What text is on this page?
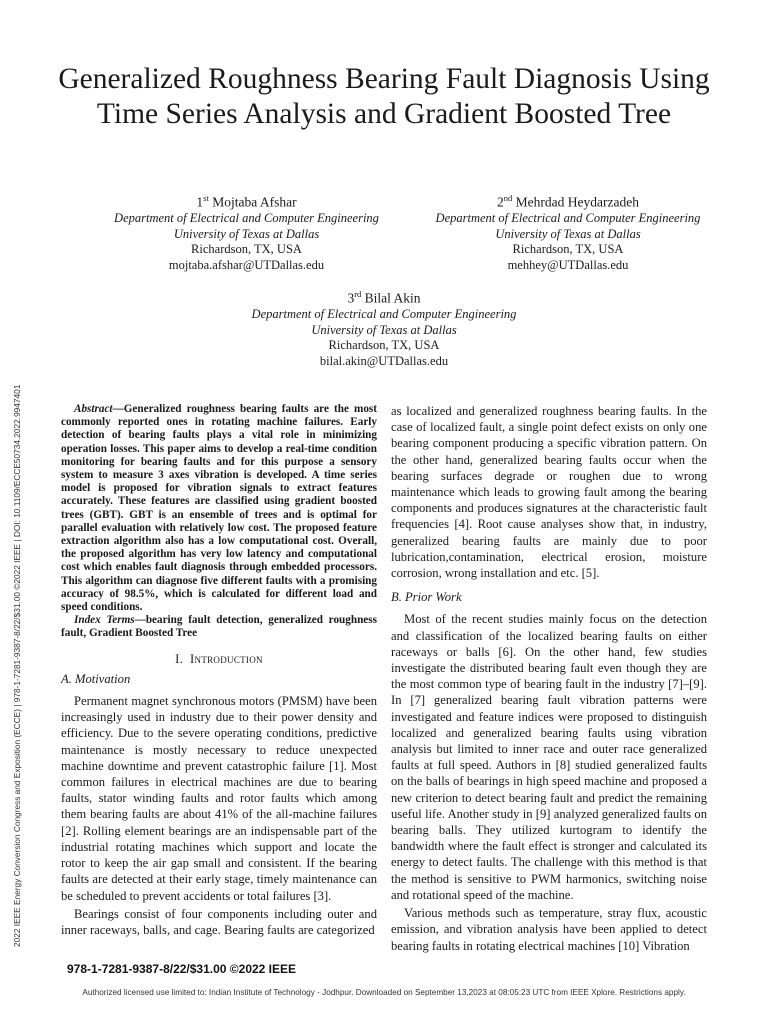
Generalized Roughness Bearing Fault Diagnosis Using Time Series Analysis and Gradient Boosted Tree
1st Mojtaba Afshar
Department of Electrical and Computer Engineering
University of Texas at Dallas
Richardson, TX, USA
mojtaba.afshar@UTDallas.edu
2nd Mehrdad Heydarzadeh
Department of Electrical and Computer Engineering
University of Texas at Dallas
Richardson, TX, USA
mehhey@UTDallas.edu
3rd Bilal Akin
Department of Electrical and Computer Engineering
University of Texas at Dallas
Richardson, TX, USA
bilal.akin@UTDallas.edu
2022 IEEE Energy Conversion Congress and Exposition (ECCE) | 978-1-7281-9387-8/22/$31.00 ©2022 IEEE | DOI: 10.1109/ECCE50734.2022.9947401	Abstract—Generalized roughness bearing faults are the most commonly reported ones in rotating machine failures. Early detection of bearing faults plays a vital role in minimizing operation losses. This paper aims to develop a real-time condition monitoring for bearing faults and for this purpose a sensory system to measure 3 axes vibration is developed. A time series model is proposed for vibration signals to extract features accurately. These features are classified using gradient boosted trees (GBT). GBT is an ensemble of trees and is optimal for parallel evaluation with relatively low cost. The proposed feature extraction algorithm also has a low computational cost. Overall, the proposed algorithm has very low latency and computational cost which enables fault diagnosis through embedded processors. This algorithm can diagnose five different faults with a promising accuracy of 98.5%, which is calculated for different load and speed conditions.

Index Terms—bearing fault detection, generalized roughness fault, Gradient Boosted Tree

I. Introduction
A. Motivation

Permanent magnet synchronous motors (PMSM) have been increasingly used in industry due to their power density and efficiency. Due to the severe operating conditions, predictive maintenance is mostly necessary to reduce unexpected machine downtime and prevent catastrophic failure [1]. Most common failures in electrical machines are due to bearing faults, stator winding faults and rotor faults which among them bearing faults are about 41% of the all-machine failures [2]. Rolling element bearings are an indispensable part of the industrial rotating machines which support and locate the rotor to keep the air gap small and consistent. If the bearing faults are detected at their early stage, timely maintenance can be scheduled to prevent accidents or total failures [3].

Bearings consist of four components including outer and inner raceways, balls, and cage. Bearing faults are categorized

as localized and generalized roughness bearing faults. In the case of localized fault, a single point defect exists on only one bearing component producing a specific vibration pattern. On the other hand, generalized bearing faults occur when the bearing surfaces degrade or roughen due to wrong maintenance which leads to growing fault among the bearing components and produces signatures at the characteristic fault frequencies [4]. Root cause analyses show that, in industry, generalized bearing faults are mainly due to poor lubrication,contamination, electrical erosion, moisture corrosion, wrong installation and etc. [5].

B. Prior Work

Most of the recent studies mainly focus on the detection and classification of the localized bearing faults on either raceways or balls [6]. On the other hand, few studies investigate the distributed bearing fault even though they are the most common type of bearing fault in the industry [7]–[9]. In [7] generalized bearing fault vibration patterns were investigated and feature indices were proposed to distinguish localized and generalized bearing faults using vibration analysis but limited to inner race and outer race generalized faults at full speed. Authors in [8] studied generalized faults on the balls of bearings in high speed machine and proposed a new criterion to detect bearing fault and predict the remaining useful life. Another study in [9] analyzed generalized faults on bearing balls. They utilized kurtogram to identify the bandwidth where the fault effect is stronger and calculated its energy to detect faults. The challenge with this method is that the method is sensitive to PWM harmonics, switching noise and rotational speed of the machine.

Various methods such as temperature, stray flux, acoustic emission, and vibration analysis have been applied to detect bearing faults in rotating electrical machines [10] Vibration

978-1-7281-9387-8/22/$31.00 ©2022 IEEE
Authorized licensed use limited to: Indian Institute of Technology - Jodhpur. Downloaded on September 13,2023 at 08:05:23 UTC from IEEE Xplore. Restrictions apply.
